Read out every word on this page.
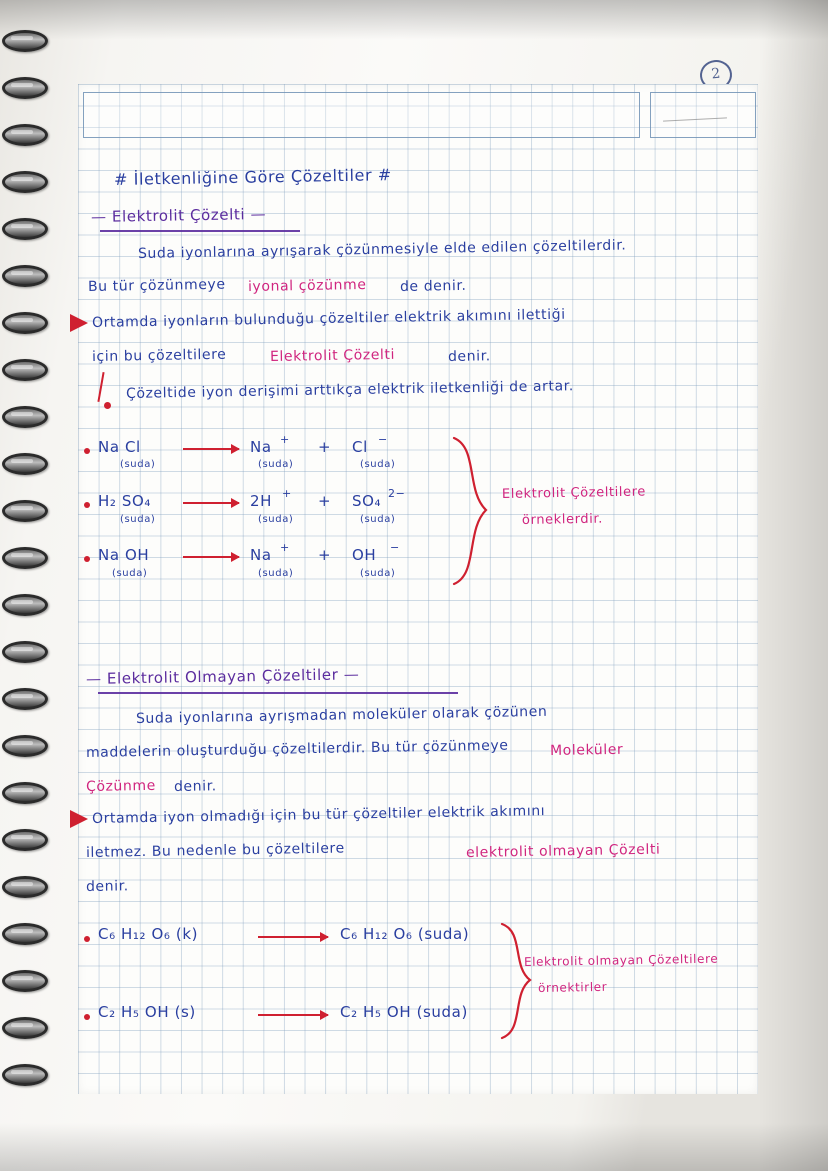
2
# İletkenliğine Göre Çözeltiler #
— Elektrolit Çözelti —
Suda iyonlarına ayrışarak çözünmesiyle elde edilen çözeltilerdir.
Bu tür çözünmeye iyonal çözünme de denir.
Ortamda iyonların bulunduğu çözeltiler elektrik akımını ilettiği
için bu çözeltilere	Elektrolit Çözelti	denir.
Çözeltide iyon derişimi arttıkça elektrik iletkenliği de artar.
Na Cl
(suda)
→ Na +
(suda)
+ Cl −
(suda)
H₂ SO₄
(suda)
→ 2H +
(suda)
+ SO₄ 2−
(suda)
Na OH
(suda)
→ Na +
(suda)
+ OH −
(suda)
Elektrolit Çözeltilere
örneklerdir.
— Elektrolit Olmayan Çözeltiler —
Suda iyonlarına ayrışmadan moleküler olarak çözünen
maddelerin oluşturduğu çözeltilerdir. Bu tür çözünmeye	Moleküler
Çözünme denir.
Ortamda iyon olmadığı için bu tür çözeltiler elektrik akımını
iletmez. Bu nedenle bu çözeltilere	elektrolit olmayan Çözelti
denir.
C₆ H₁₂ O₆ (k)	C₆ H₁₂ O₆ (suda)
C₂ H₅ OH (s)	C₂ H₅ OH (suda)
Elektrolit olmayan Çözeltilere
örnektirler
